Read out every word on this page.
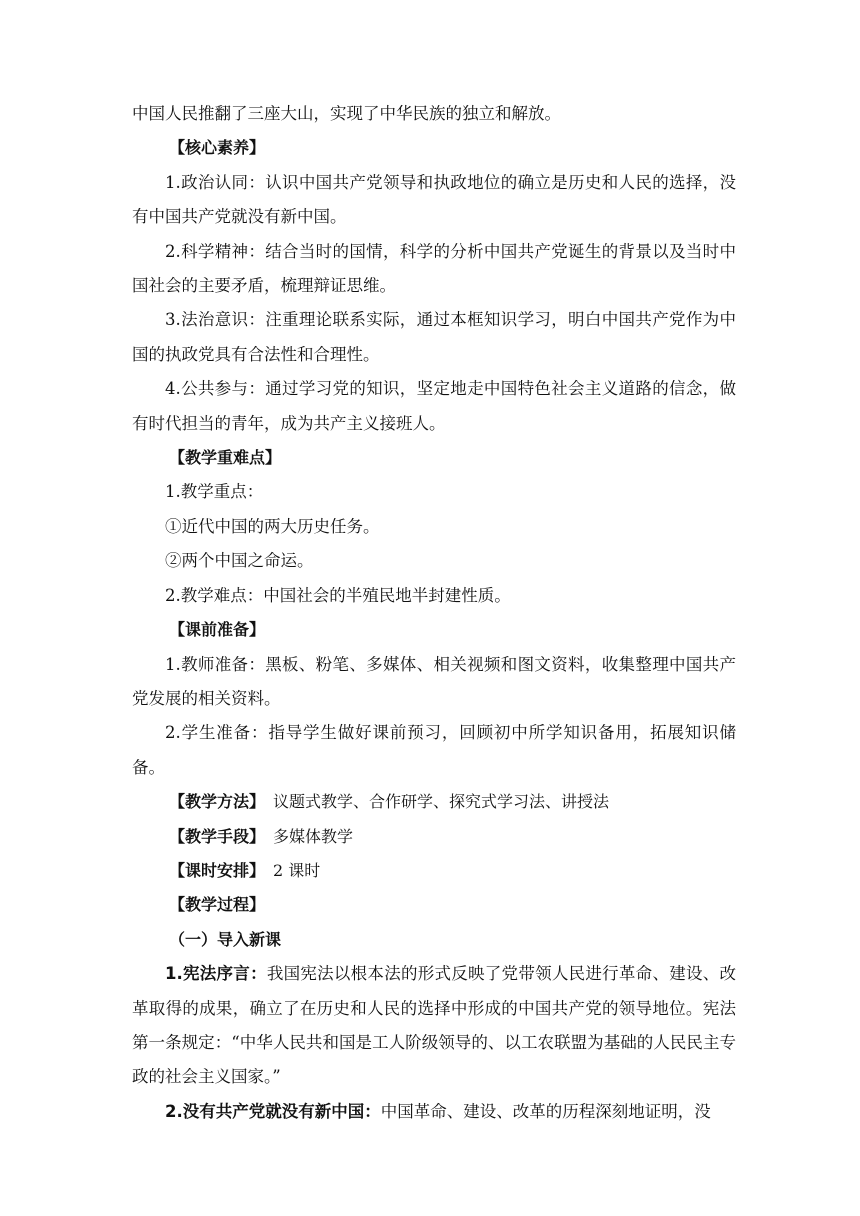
中国人民推翻了三座大山，实现了中华民族的独立和解放。

【核心素养】

1.政治认同：认识中国共产党领导和执政地位的确立是历史和人民的选择，没有中国共产党就没有新中国。

2.科学精神：结合当时的国情，科学的分析中国共产党诞生的背景以及当时中国社会的主要矛盾，梳理辩证思维。

3.法治意识：注重理论联系实际，通过本框知识学习，明白中国共产党作为中国的执政党具有合法性和合理性。

4.公共参与：通过学习党的知识，坚定地走中国特色社会主义道路的信念，做有时代担当的青年，成为共产主义接班人。

【教学重难点】

1.教学重点：

①近代中国的两大历史任务。

②两个中国之命运。

2.教学难点：中国社会的半殖民地半封建性质。

【课前准备】

1.教师准备：黑板、粉笔、多媒体、相关视频和图文资料，收集整理中国共产党发展的相关资料。

2.学生准备：指导学生做好课前预习，回顾初中所学知识备用，拓展知识储备。

【教学方法】 议题式教学、合作研学、探究式学习法、讲授法

【教学手段】 多媒体教学

【课时安排】 2 课时

【教学过程】

（一）导入新课

1.宪法序言：我国宪法以根本法的形式反映了党带领人民进行革命、建设、改革取得的成果，确立了在历史和人民的选择中形成的中国共产党的领导地位。宪法第一条规定：“中华人民共和国是工人阶级领导的、以工农联盟为基础的人民民主专政的社会主义国家。”

2.没有共产党就没有新中国：中国革命、建设、改革的历程深刻地证明，没
